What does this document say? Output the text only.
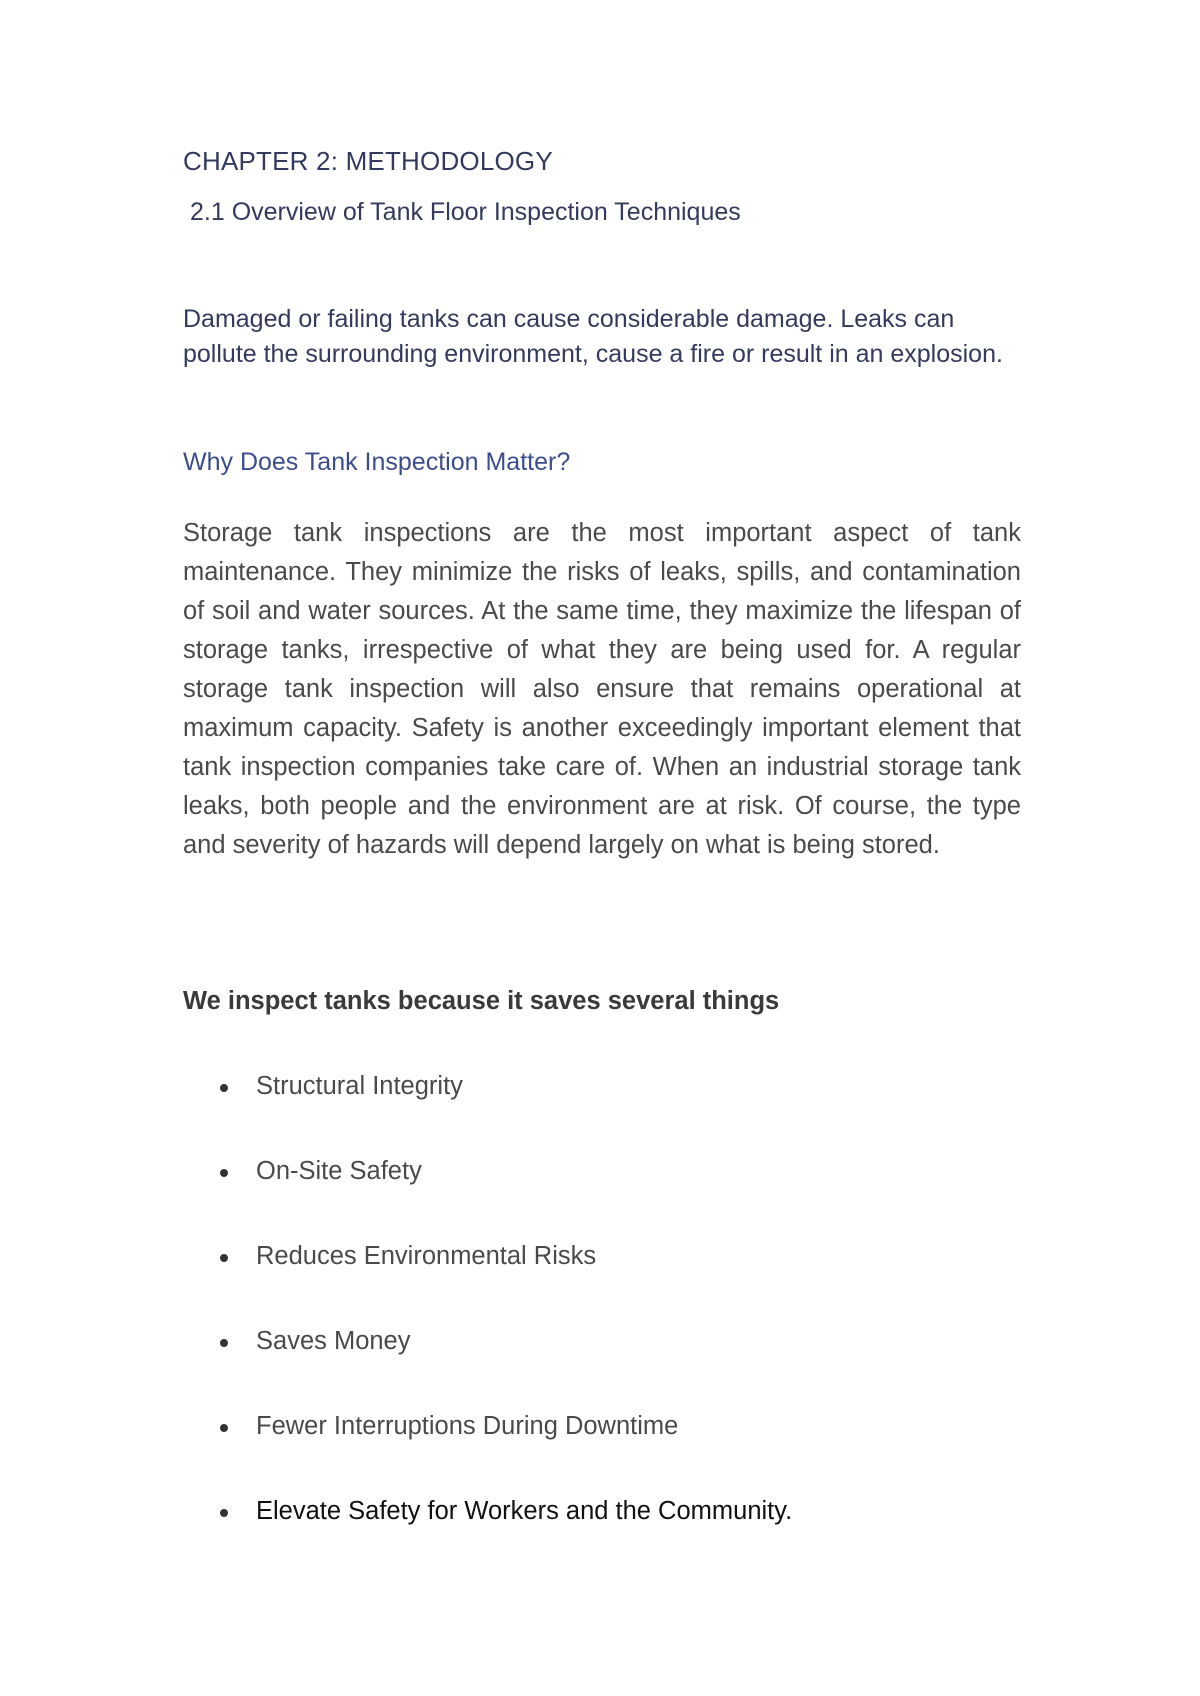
CHAPTER 2: METHODOLOGY
2.1 Overview of Tank Floor Inspection Techniques
Damaged or failing tanks can cause considerable damage. Leaks can pollute the surrounding environment, cause a fire or result in an explosion.
Why Does Tank Inspection Matter?
Storage tank inspections are the most important aspect of tank maintenance. They minimize the risks of leaks, spills, and contamination of soil and water sources. At the same time, they maximize the lifespan of storage tanks, irrespective of what they are being used for. A regular storage tank inspection will also ensure that remains operational at maximum capacity. Safety is another exceedingly important element that tank inspection companies take care of. When an industrial storage tank leaks, both people and the environment are at risk. Of course, the type and severity of hazards will depend largely on what is being stored.
We inspect tanks because it saves several things
Structural Integrity
On-Site Safety
Reduces Environmental Risks
Saves Money
Fewer Interruptions During Downtime
Elevate Safety for Workers and the Community.
